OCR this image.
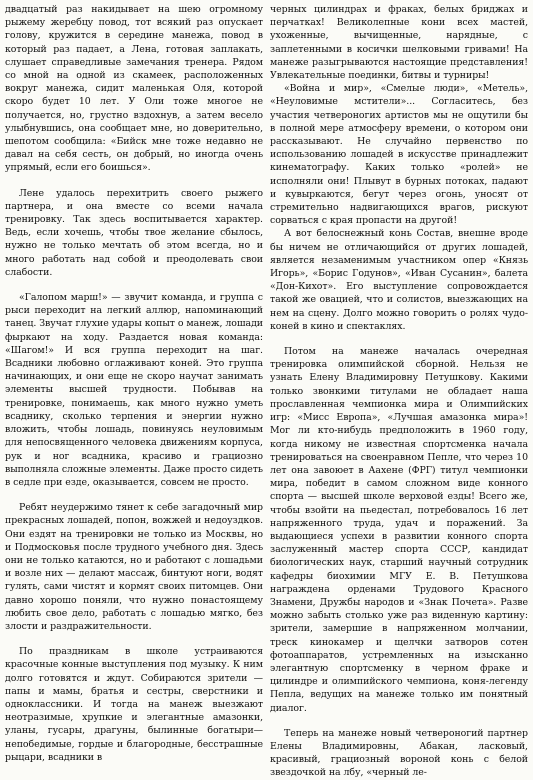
двадцатый раз накидывает на шею огромному рыжему жеребцу повод, тот всякий раз опускает голову, кружится в середине манежа, повод в который раз падает, а Лена, готовая заплакать, слушает справедливые замечания тренера. Рядом со мной на одной из скамеек, расположенных вокруг манежа, сидит маленькая Оля, которой скоро будет 10 лет. У Оли тоже многое не получается, но, грустно вздохнув, а затем весело улыбнувшись, она сообщает мне, но доверительно, шепотом сообщила: «Бийск мне тоже недавно не давал на себя сесть, он добрый, но иногда очень упрямый, если его боишься».

Лене удалось перехитрить своего рыжего партнера, и она вместе со всеми начала тренировку. Так здесь воспитывается характер. Ведь, если хочешь, чтобы твое желание сбылось, нужно не только мечтать об этом всегда, но и много работать над собой и преодолевать свои слабости.

«Галопом марш!» — звучит команда, и группа с рыси переходит на легкий аллюр, напоминающий танец. Звучат глухие удары копыт о манеж, лошади фыркают на ходу. Раздается новая команда: «Шагом!» И вся группа переходит на шаг. Всадники любовно оглаживают коней. Это группа начинающих, и они еще не скоро научат занимать элементы высшей трудности. Побывав на тренировке, понимаешь, как много нужно уметь всаднику, сколько терпения и энергии нужно вложить, чтобы лошадь, повинуясь неуловимым для непосвященного человека движениям корпуса, рук и ног всадника, красиво и грациозно выполняла сложные элементы. Даже просто сидеть в седле при езде, оказывается, совсем не просто.

Ребят неудержимо тянет к себе загадочный мир прекрасных лошадей, попон, вожжей и недоуздков. Они ездят на тренировки не только из Москвы, но и Подмосковья после трудного учебного дня. Здесь они не только катаются, но и работают с лошадьми и возле них — делают массаж, бинтуют ноги, водят гулять, сами чистят и кормят своих питомцев. Они давно хорошо поняли, что нужно понастоящему любить свое дело, работать с лошадью мягко, без злости и раздражительности.

По праздникам в школе устраиваются красочные конные выступления под музыку. К ним долго готовятся и ждут. Собираются зрители — папы и мамы, братья и сестры, сверстники и одноклассники. И тогда на манеж выезжают неотразимые, хрупкие и элегантные амазонки, уланы, гусары, драгуны, былинные богатыри—непобедимые, гордые и благородные, бесстрашные рыцари, всадники в

черных цилиндрах и фраках, белых бриджах и перчатках! Великолепные кони всех мастей, ухоженные, вычищенные, нарядные, с заплетенными в косички шелковыми гривами! На манеже разыгрываются настоящие представления! Увлекательные поединки, битвы и турниры!

«Война и мир», «Смелые люди», «Метель», «Неуловимые мстители»... Согласитесь, без участия четвероногих артистов мы не ощутили бы в полной мере атмосферу времени, о котором они рассказывают. Не случайно первенство по использованию лошадей в искусстве принадлежит кинематографу. Каких только «ролей» не исполняли они! Плывут в бурных потоках, падают и кувыркаются, бегут через огонь, уносят от стремительно надвигающихся врагов, рискуют сорваться с края пропасти на другой!

А вот белоснежный конь Состав, внешне вроде бы ничем не отличающийся от других лошадей, является незаменимым участником опер «Князь Игорь», «Борис Годунов», «Иван Сусанин», балета «Дон-Кихот». Его выступление сопровождается такой же овацией, что и солистов, выезжающих на нем на сцену. Долго можно говорить о ролях чудо-коней в кино и спектаклях.

Потом на манеже началась очередная тренировка олимпийской сборной. Нельзя не узнать Елену Владимировну Петушкову. Какими только звонкими титулами не обладает наша прославленная чемпионка мира и Олимпийских игр: «Мисс Европа», «Лучшая амазонка мира»! Мог ли кто-нибудь предположить в 1960 году, когда никому не известная спортсменка начала тренироваться на своенравном Пепле, что через 10 лет она завоюет в Аахене (ФРГ) титул чемпионки мира, победит в самом сложном виде конного спорта — высшей школе верховой езды! Всего же, чтобы взойти на пьедестал, потребовалось 16 лет напряженного труда, удач и поражений. За выдающиеся успехи в развитии конного спорта заслуженный мастер спорта СССР, кандидат биологических наук, старший научный сотрудник кафедры биохимии МГУ Е. В. Петушкова награждена орденами Трудового Красного Знамени, Дружбы народов и «Знак Почета». Разве можно забыть столько уже раз виденную картину: зрители, замершие в напряженном молчании, треск кинокамер и щелчки затворов сотен фотоаппаратов, устремленных на изысканно элегантную спортсменку в черном фраке и цилиндре и олимпийского чемпиона, коня-легенду Пепла, ведущих на манеже только им понятный диалог.

Теперь на манеже новый четвероногий партнер Елены Владимировны, Абакан, ласковый, красивый, грациозный вороной конь с белой звездочкой на лбу, «черный ле-
